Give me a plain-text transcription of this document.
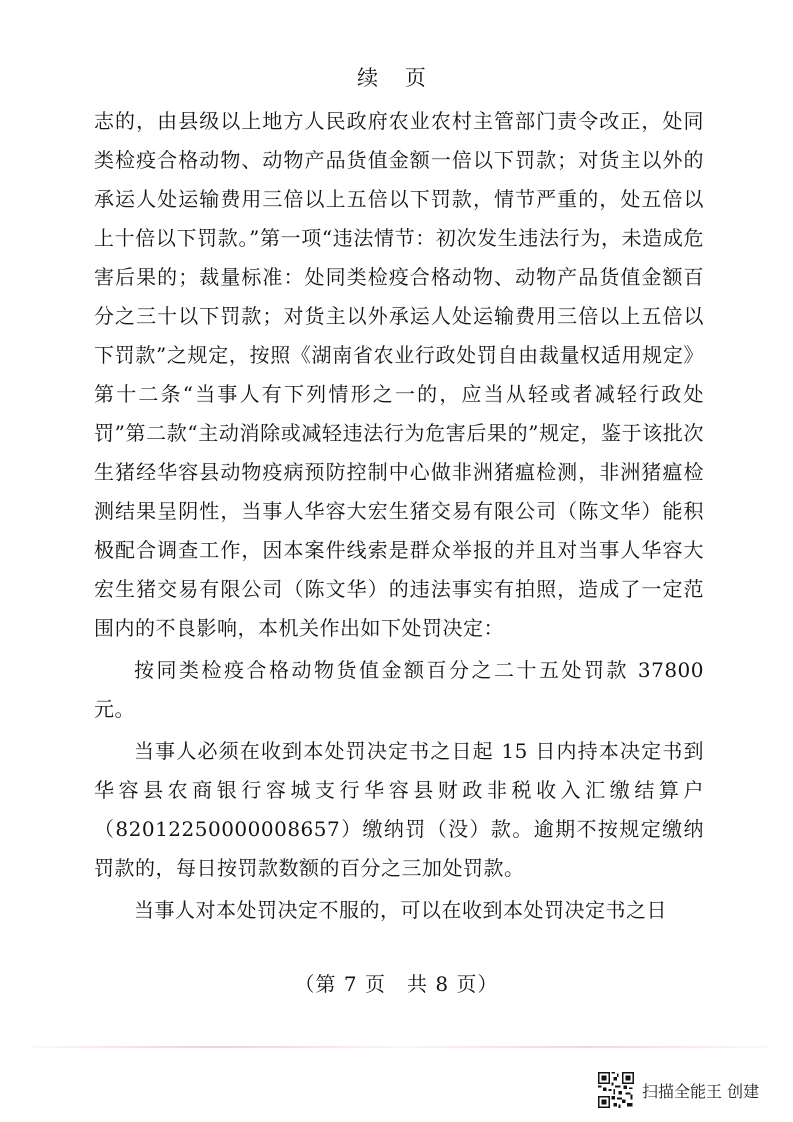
续 页

志的，由县级以上地方人民政府农业农村主管部门责令改正，处同类检疫合格动物、动物产品货值金额一倍以下罚款；对货主以外的承运人处运输费用三倍以上五倍以下罚款，情节严重的，处五倍以上十倍以下罚款。”第一项“违法情节：初次发生违法行为，未造成危害后果的；裁量标准：处同类检疫合格动物、动物产品货值金额百分之三十以下罚款；对货主以外承运人处运输费用三倍以上五倍以下罚款”之规定，按照《湖南省农业行政处罚自由裁量权适用规定》第十二条“当事人有下列情形之一的，应当从轻或者减轻行政处罚”第二款“主动消除或减轻违法行为危害后果的”规定，鉴于该批次生猪经华容县动物疫病预防控制中心做非洲猪瘟检测，非洲猪瘟检测结果呈阴性，当事人华容大宏生猪交易有限公司（陈文华）能积极配合调查工作，因本案件线索是群众举报的并且对当事人华容大宏生猪交易有限公司（陈文华）的违法事实有拍照，造成了一定范围内的不良影响，本机关作出如下处罚决定：

按同类检疫合格动物货值金额百分之二十五处罚款 37800 元。

当事人必须在收到本处罚决定书之日起 15 日内持本决定书到华容县农商银行容城支行华容县财政非税收入汇缴结算户（82012250000008657）缴纳罚（没）款。逾期不按规定缴纳罚款的，每日按罚款数额的百分之三加处罚款。

当事人对本处罚决定不服的，可以在收到本处罚决定书之日

（第 7 页　共 8 页）
扫描全能王 创建
